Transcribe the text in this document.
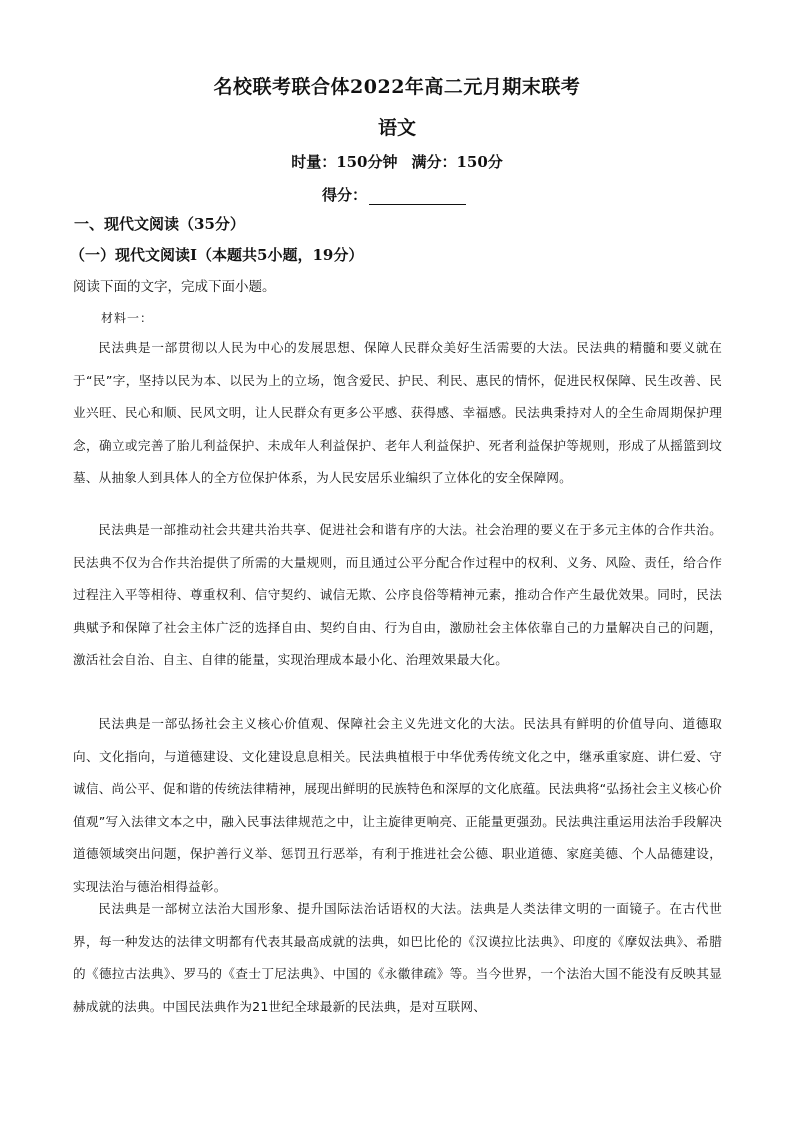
名校联考联合体2022年高二元月期末联考
语文
时量：150分钟 满分：150分
得分：
一、现代文阅读（35分）
（一）现代文阅读Ⅰ（本题共5小题，19分）
阅读下面的文字，完成下面小题。
材料一：

民法典是一部贯彻以人民为中心的发展思想、保障人民群众美好生活需要的大法。民法典的精髓和要义就在于“民”字，坚持以民为本、以民为上的立场，饱含爱民、护民、利民、惠民的情怀，促进民权保障、民生改善、民业兴旺、民心和顺、民风文明，让人民群众有更多公平感、获得感、幸福感。民法典秉持对人的全生命周期保护理念，确立或完善了胎儿利益保护、未成年人利益保护、老年人利益保护、死者利益保护等规则，形成了从摇篮到坟墓、从抽象人到具体人的全方位保护体系，为人民安居乐业编织了立体化的安全保障网。

民法典是一部推动社会共建共治共享、促进社会和谐有序的大法。社会治理的要义在于多元主体的合作共治。民法典不仅为合作共治提供了所需的大量规则，而且通过公平分配合作过程中的权利、义务、风险、责任，给合作过程注入平等相待、尊重权利、信守契约、诚信无欺、公序良俗等精神元素，推动合作产生最优效果。同时，民法典赋予和保障了社会主体广泛的选择自由、契约自由、行为自由，激励社会主体依靠自己的力量解决自己的问题，激活社会自治、自主、自律的能量，实现治理成本最小化、治理效果最大化。

民法典是一部弘扬社会主义核心价值观、保障社会主义先进文化的大法。民法具有鲜明的价值导向、道德取向、文化指向，与道德建设、文化建设息息相关。民法典植根于中华优秀传统文化之中，继承重家庭、讲仁爱、守诚信、尚公平、促和谐的传统法律精神，展现出鲜明的民族特色和深厚的文化底蕴。民法典将“弘扬社会主义核心价值观”写入法律文本之中，融入民事法律规范之中，让主旋律更响亮、正能量更强劲。民法典注重运用法治手段解决道德领域突出问题，保护善行义举、惩罚丑行恶举，有利于推进社会公德、职业道德、家庭美德、个人品德建设，实现法治与德治相得益彰。

民法典是一部树立法治大国形象、提升国际法治话语权的大法。法典是人类法律文明的一面镜子。在古代世界，每一种发达的法律文明都有代表其最高成就的法典，如巴比伦的《汉谟拉比法典》、印度的《摩奴法典》、希腊的《德拉古法典》、罗马的《查士丁尼法典》、中国的《永徽律疏》等。当今世界，一个法治大国不能没有反映其显赫成就的法典。中国民法典作为21世纪全球最新的民法典，是对互联网、
